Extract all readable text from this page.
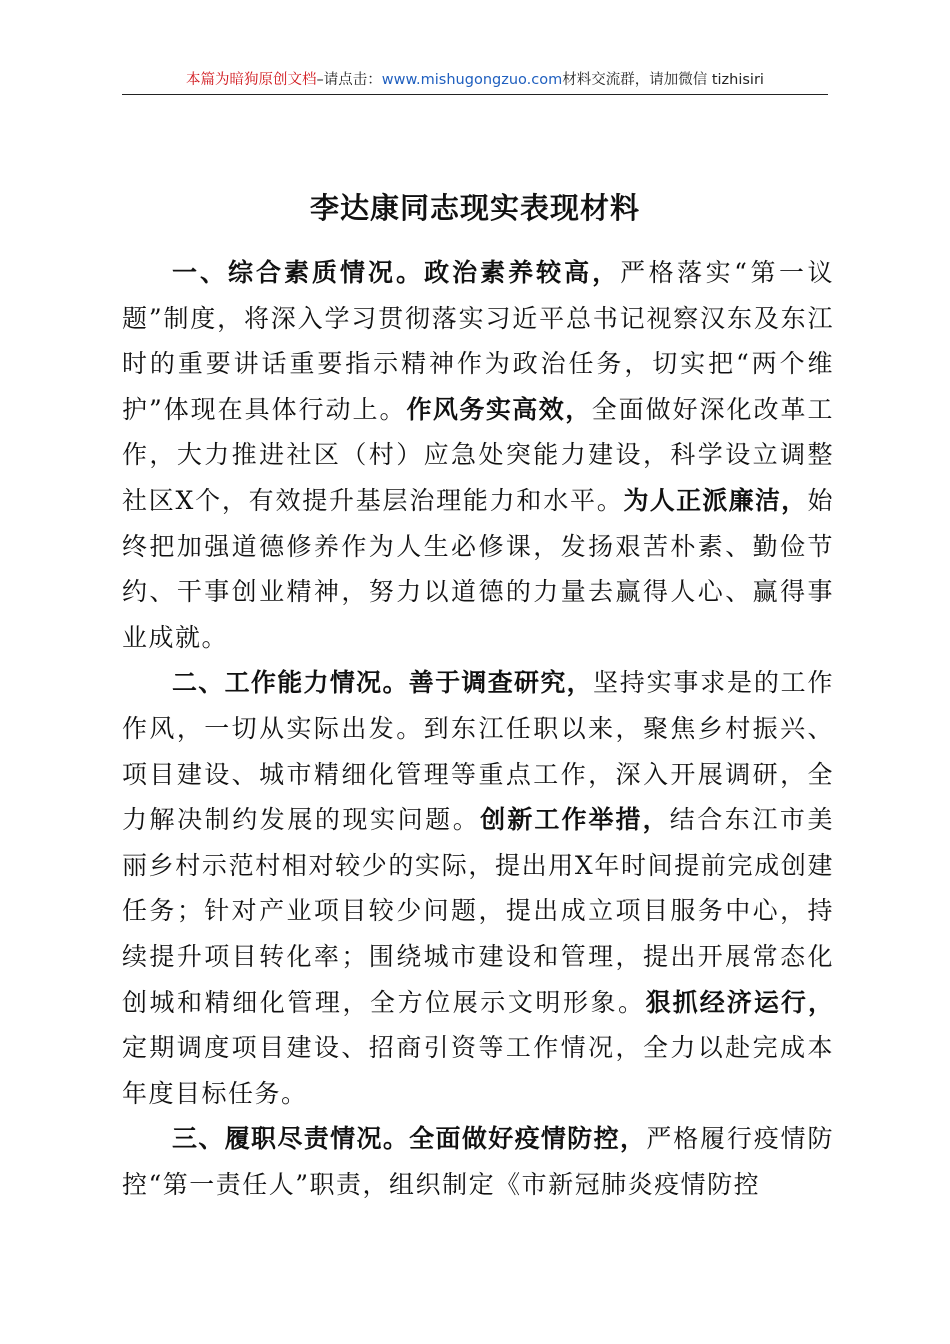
本篇为暗狗原创文档–请点击：www.mishugongzuo.com材料交流群，请加微信 tizhisiri
李达康同志现实表现材料

一、综合素质情况。政治素养较高，严格落实“第一议题”制度，将深入学习贯彻落实习近平总书记视察汉东及东江时的重要讲话重要指示精神作为政治任务，切实把“两个维护”体现在具体行动上。作风务实高效，全面做好深化改革工作，大力推进社区（村）应急处突能力建设，科学设立调整社区X个，有效提升基层治理能力和水平。为人正派廉洁，始终把加强道德修养作为人生必修课，发扬艰苦朴素、勤俭节约、干事创业精神，努力以道德的力量去赢得人心、赢得事业成就。

二、工作能力情况。善于调查研究，坚持实事求是的工作作风，一切从实际出发。到东江任职以来，聚焦乡村振兴、项目建设、城市精细化管理等重点工作，深入开展调研，全力解决制约发展的现实问题。创新工作举措，结合东江市美丽乡村示范村相对较少的实际，提出用X年时间提前完成创建任务；针对产业项目较少问题，提出成立项目服务中心，持续提升项目转化率；围绕城市建设和管理，提出开展常态化创城和精细化管理，全方位展示文明形象。狠抓经济运行，定期调度项目建设、招商引资等工作情况，全力以赴完成本年度目标任务。

三、履职尽责情况。全面做好疫情防控，严格履行疫情防控“第一责任人”职责，组织制定《市新冠肺炎疫情防控
